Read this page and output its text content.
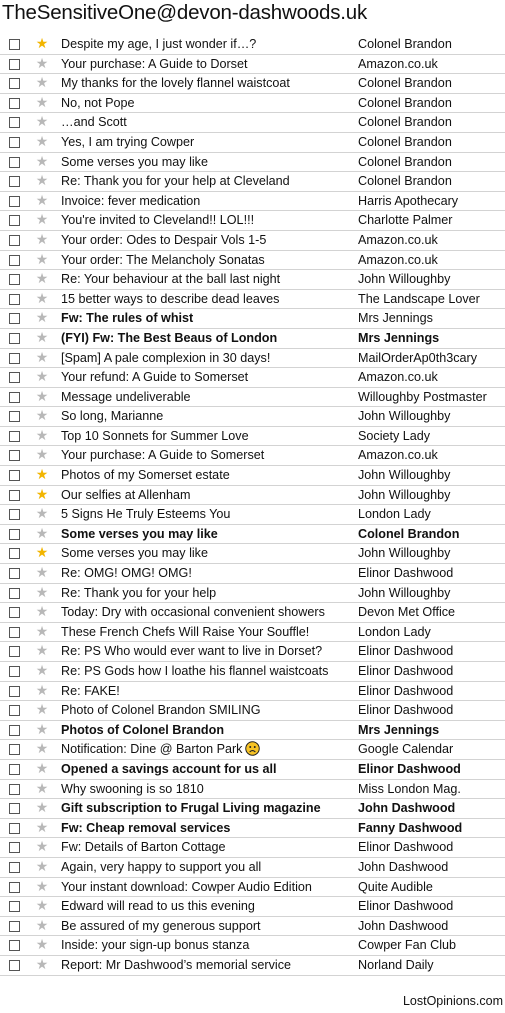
TheSensitiveOne@devon-dashwoods.uk
★ Despite my age, I just wonder if…?	Colonel Brandon
★ Your purchase: A Guide to Dorset	Amazon.co.uk
★ My thanks for the lovely flannel waistcoat	Colonel Brandon
★ No, not Pope	Colonel Brandon
★ …and Scott	Colonel Brandon
★ Yes, I am trying Cowper	Colonel Brandon
★ Some verses you may like	Colonel Brandon
★ Re: Thank you for your help at Cleveland	Colonel Brandon
★ Invoice: fever medication	Harris Apothecary
★ You're invited to Cleveland!! LOL!!!	Charlotte Palmer
★ Your order: Odes to Despair Vols 1-5	Amazon.co.uk
★ Your order: The Melancholy Sonatas	Amazon.co.uk
★ Re: Your behaviour at the ball last night	John Willoughby
★ 15 better ways to describe dead leaves	The Landscape Lover
★ Fw: The rules of whist	Mrs Jennings
★ (FYI) Fw: The Best Beaus of London	Mrs Jennings
★ [Spam] A pale complexion in 30 days!	MailOrderAp0th3cary
★ Your refund: A Guide to Somerset	Amazon.co.uk
★ Message undeliverable	Willoughby Postmaster
★ So long, Marianne	John Willoughby
★ Top 10 Sonnets for Summer Love	Society Lady
★ Your purchase: A Guide to Somerset	Amazon.co.uk
★ Photos of my Somerset estate	John Willoughby
★ Our selfies at Allenham	John Willoughby
★ 5 Signs He Truly Esteems You	London Lady
★ Some verses you may like	Colonel Brandon
★ Some verses you may like	John Willoughby
★ Re: OMG! OMG! OMG!	Elinor Dashwood
★ Re: Thank you for your help	John Willoughby
★ Today: Dry with occasional convenient showers	Devon Met Office
★ These French Chefs Will Raise Your Souffle!	London Lady
★ Re: PS Who would ever want to live in Dorset?	Elinor Dashwood
★ Re: PS Gods how I loathe his flannel waistcoats	Elinor Dashwood
★ Re: FAKE!	Elinor Dashwood
★ Photo of Colonel Brandon SMILING	Elinor Dashwood
★ Photos of Colonel Brandon	Mrs Jennings
★ Notification: Dine @ Barton Park	Google Calendar
★ Opened a savings account for us all	Elinor Dashwood
★ Why swooning is so 1810	Miss London Mag.
★ Gift subscription to Frugal Living magazine	John Dashwood
★ Fw: Cheap removal services	Fanny Dashwood
★ Fw: Details of Barton Cottage	Elinor Dashwood
★ Again, very happy to support you all	John Dashwood
★ Your instant download: Cowper Audio Edition	Quite Audible
★ Edward will read to us this evening	Elinor Dashwood
★ Be assured of my generous support	John Dashwood
★ Inside: your sign-up bonus stanza	Cowper Fan Club
★ Report: Mr Dashwood’s memorial service	Norland Daily
LostOpinions.com
